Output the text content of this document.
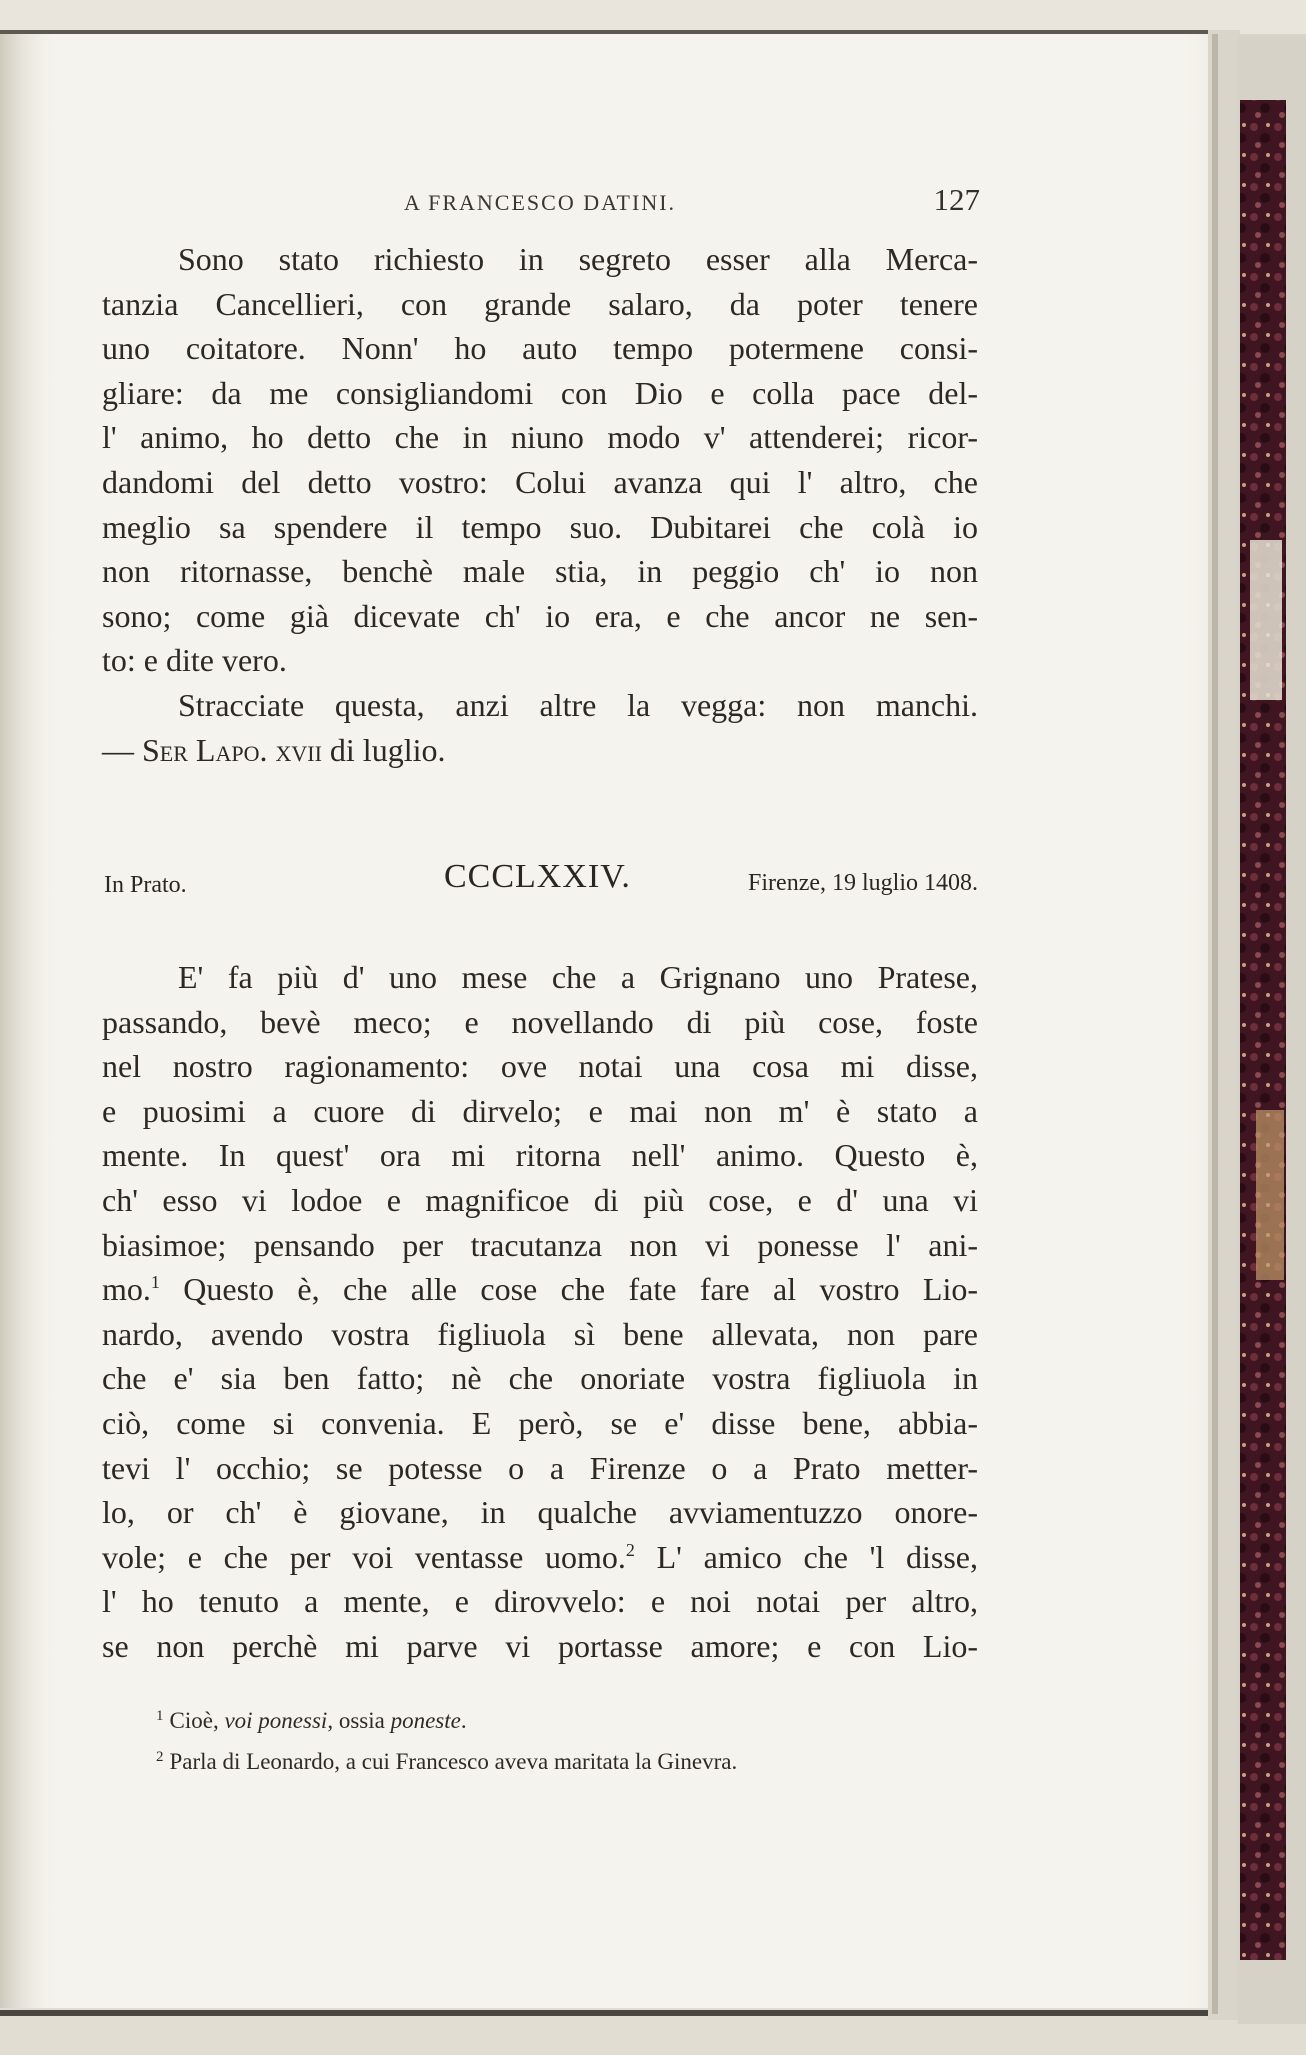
A FRANCESCO DATINI.	127
Sono stato richiesto in segreto esser alla Merca-
tanzia Cancellieri, con grande salaro, da poter tenere
uno coitatore. Nonn' ho auto tempo potermene consi-
gliare: da me consigliandomi con Dio e colla pace del-
l' animo, ho detto che in niuno modo v' attenderei; ricor-
dandomi del detto vostro: Colui avanza qui l' altro, che
meglio sa spendere il tempo suo. Dubitarei che colà io
non ritornasse, benchè male stia, in peggio ch' io non
sono; come già dicevate ch' io era, e che ancor ne sen-
to: e dite vero.
Stracciate questa, anzi altre la vegga: non manchi.
— Ser Lapo. xvii di luglio.
In Prato.	CCCLXXIV.	Firenze, 19 luglio 1408.
E' fa più d' uno mese che a Grignano uno Pratese,
passando, bevè meco; e novellando di più cose, foste
nel nostro ragionamento: ove notai una cosa mi disse,
e puosimi a cuore di dirvelo; e mai non m' è stato a
mente. In quest' ora mi ritorna nell' animo. Questo è,
ch' esso vi lodoe e magnificoe di più cose, e d' una vi
biasimoe; pensando per tracutanza non vi ponesse l' ani-
mo.$^1$ Questo è, che alle cose che fate fare al vostro Lio-
nardo, avendo vostra figliuola sì bene allevata, non pare
che e' sia ben fatto; nè che onoriate vostra figliuola in
ciò, come si convenia. E però, se e' disse bene, abbia-
tevi l' occhio; se potesse o a Firenze o a Prato metter-
lo, or ch' è giovane, in qualche avviamentuzzo onore-
vole; e che per voi ventasse uomo.$^2$ L' amico che 'l disse,
l' ho tenuto a mente, e dirovvelo: e noi notai per altro,
se non perchè mi parve vi portasse amore; e con Lio-
$^1$ Cioè, voi ponessi, ossia poneste.
$^2$ Parla di Leonardo, a cui Francesco aveva maritata la Ginevra.
